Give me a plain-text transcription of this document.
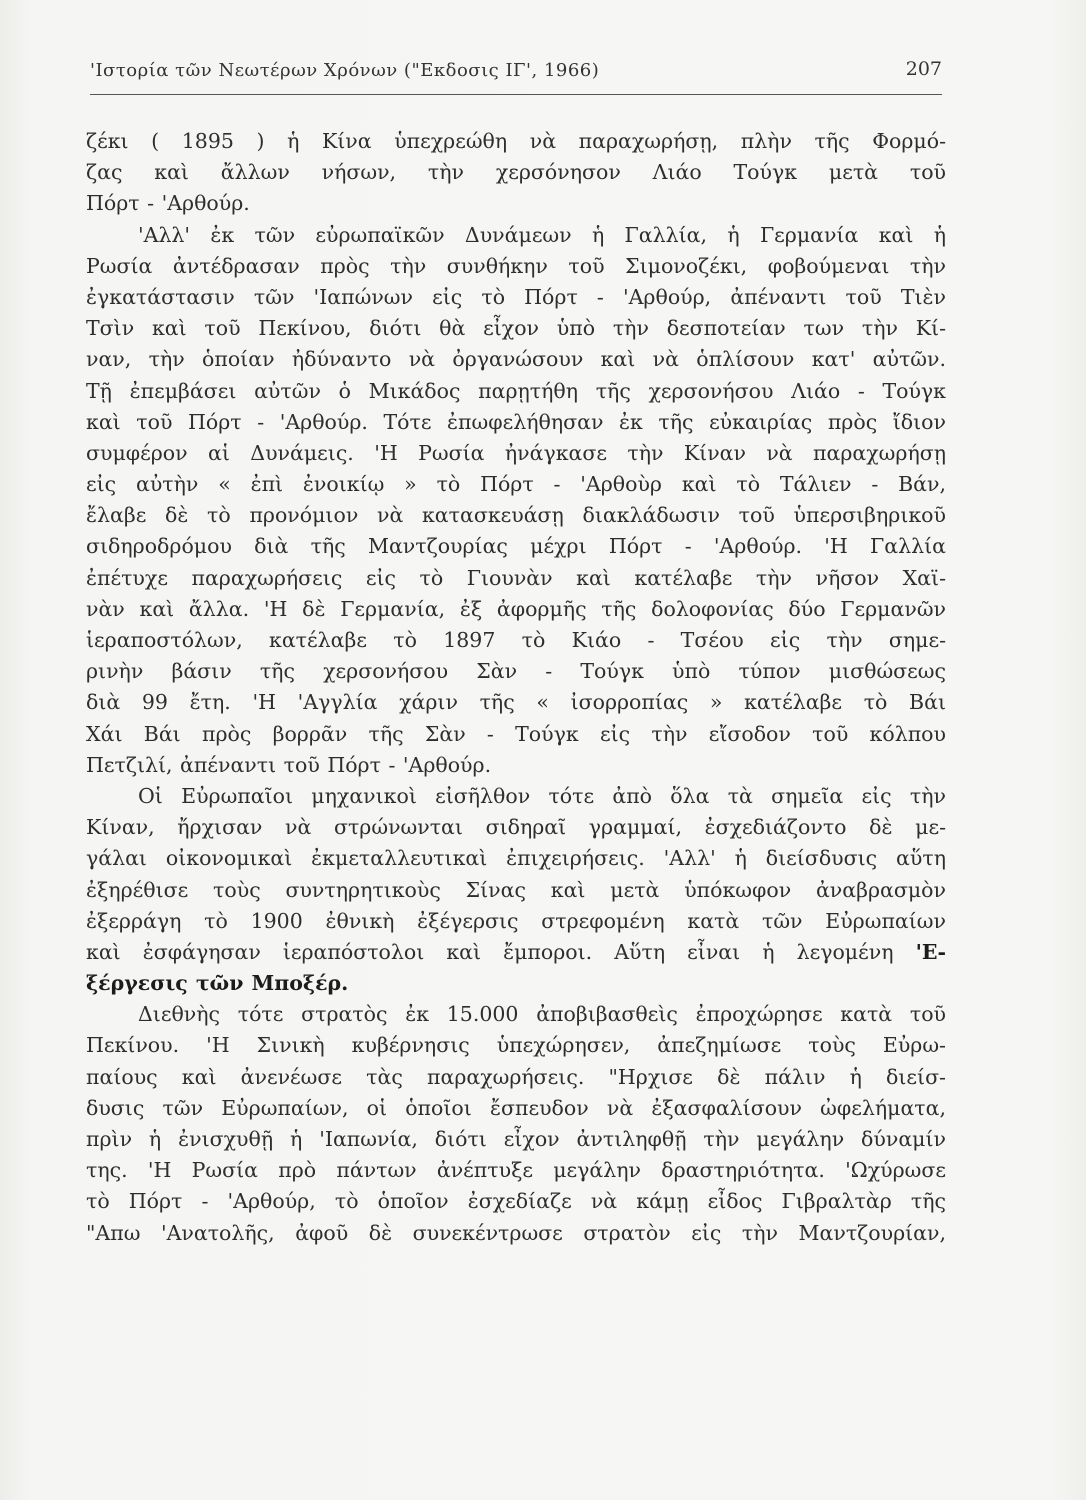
'Ιστορία τῶν Νεωτέρων Χρόνων ("Εκδοσις ΙΓ', 1966)	207
ζέκι ( 1895 ) ἡ Κίνα ὑπεχρεώθη νὰ παραχωρήσῃ, πλὴν τῆς Φορμό-
ζας καὶ ἄλλων νήσων, τὴν χερσόνησον Λιάο Τούγκ μετὰ τοῦ
Πόρτ - 'Αρθούρ.
'Αλλ' ἐκ τῶν εὐρωπαϊκῶν Δυνάμεων ἡ Γαλλία, ἡ Γερμανία καὶ ἡ
Ρωσία ἀντέδρασαν πρὸς τὴν συνθήκην τοῦ Σιμονοζέκι, φοβούμεναι τὴν
ἐγκατάστασιν τῶν 'Ιαπώνων εἰς τὸ Πόρτ - 'Αρθούρ, ἀπέναντι τοῦ Τιὲν
Τσὶν καὶ τοῦ Πεκίνου, διότι θὰ εἶχον ὑπὸ τὴν δεσποτείαν των τὴν Κί-
ναν, τὴν ὁποίαν ἠδύναντο νὰ ὀργανώσουν καὶ νὰ ὁπλίσουν κατ' αὐτῶν.
Τῇ ἐπεμβάσει αὐτῶν ὁ Μικάδος παρῃτήθη τῆς χερσονήσου Λιάο - Τούγκ
καὶ τοῦ Πόρτ - 'Αρθούρ. Τότε ἐπωφελήθησαν ἐκ τῆς εὐκαιρίας πρὸς ἴδιον
συμφέρον αἱ Δυνάμεις. 'Η Ρωσία ἠνάγκασε τὴν Κίναν νὰ παραχωρήσῃ
εἰς αὐτὴν « ἐπὶ ἐνοικίῳ » τὸ Πόρτ - 'Αρθοὺρ καὶ τὸ Τάλιεν - Βάν,
ἔλαβε δὲ τὸ προνόμιον νὰ κατασκευάσῃ διακλάδωσιν τοῦ ὑπερσιβηρικοῦ
σιδηροδρόμου διὰ τῆς Μαντζουρίας μέχρι Πόρτ - 'Αρθούρ. 'Η Γαλλία
ἐπέτυχε παραχωρήσεις εἰς τὸ Γιουνὰν καὶ κατέλαβε τὴν νῆσον Χαϊ-
νὰν καὶ ἄλλα. 'Η δὲ Γερμανία, ἐξ ἀφορμῆς τῆς δολοφονίας δύο Γερμανῶν
ἱεραποστόλων, κατέλαβε τὸ 1897 τὸ Κιάο - Τσέου εἰς τὴν σημε-
ρινὴν βάσιν τῆς χερσονήσου Σὰν - Τούγκ ὑπὸ τύπον μισθώσεως
διὰ 99 ἔτη. 'Η 'Αγγλία χάριν τῆς « ἰσορροπίας » κατέλαβε τὸ Βάι
Χάι Βάι πρὸς βορρᾶν τῆς Σὰν - Τούγκ εἰς τὴν εἴσοδον τοῦ κόλπου
Πετζιλί, ἀπέναντι τοῦ Πόρτ - 'Αρθούρ.
Οἱ Εὐρωπαῖοι μηχανικοὶ εἰσῆλθον τότε ἀπὸ ὅλα τὰ σημεῖα εἰς τὴν
Κίναν, ἤρχισαν νὰ στρώνωνται σιδηραῖ γραμμαί, ἐσχεδιάζοντο δὲ με-
γάλαι οἰκονομικαὶ ἐκμεταλλευτικαὶ ἐπιχειρήσεις. 'Αλλ' ἡ διείσδυσις αὕτη
ἐξηρέθισε τοὺς συντηρητικοὺς Σίνας καὶ μετὰ ὑπόκωφον ἀναβρασμὸν
ἐξερράγη τὸ 1900 ἐθνικὴ ἐξέγερσις στρεφομένη κατὰ τῶν Εὐρωπαίων
καὶ ἐσφάγησαν ἱεραπόστολοι καὶ ἔμποροι. Αὕτη εἶναι ἡ λεγομένη 'Ε-
ξέργεσις τῶν Μποξέρ.
Διεθνὴς τότε στρατὸς ἐκ 15.000 ἀποβιβασθεὶς ἐπροχώρησε κατὰ τοῦ
Πεκίνου. 'Η Σινικὴ κυβέρνησις ὑπεχώρησεν, ἀπεζημίωσε τοὺς Εὐρω-
παίους καὶ ἀνενέωσε τὰς παραχωρήσεις. "Ηρχισε δὲ πάλιν ἡ διείσ-
δυσις τῶν Εὐρωπαίων, οἱ ὁποῖοι ἔσπευδον νὰ ἐξασφαλίσουν ὠφελήματα,
πρὶν ἡ ἐνισχυθῇ ἡ 'Ιαπωνία, διότι εἶχον ἀντιληφθῇ τὴν μεγάλην δύναμίν
της. 'Η Ρωσία πρὸ πάντων ἀνέπτυξε μεγάλην δραστηριότητα. 'Ωχύρωσε
τὸ Πόρτ - 'Αρθούρ, τὸ ὁποῖον ἐσχεδίαζε νὰ κάμῃ εἶδος Γιβραλτὰρ τῆς
"Απω 'Ανατολῆς, ἀφοῦ δὲ συνεκέντρωσε στρατὸν εἰς τὴν Μαντζουρίαν,
